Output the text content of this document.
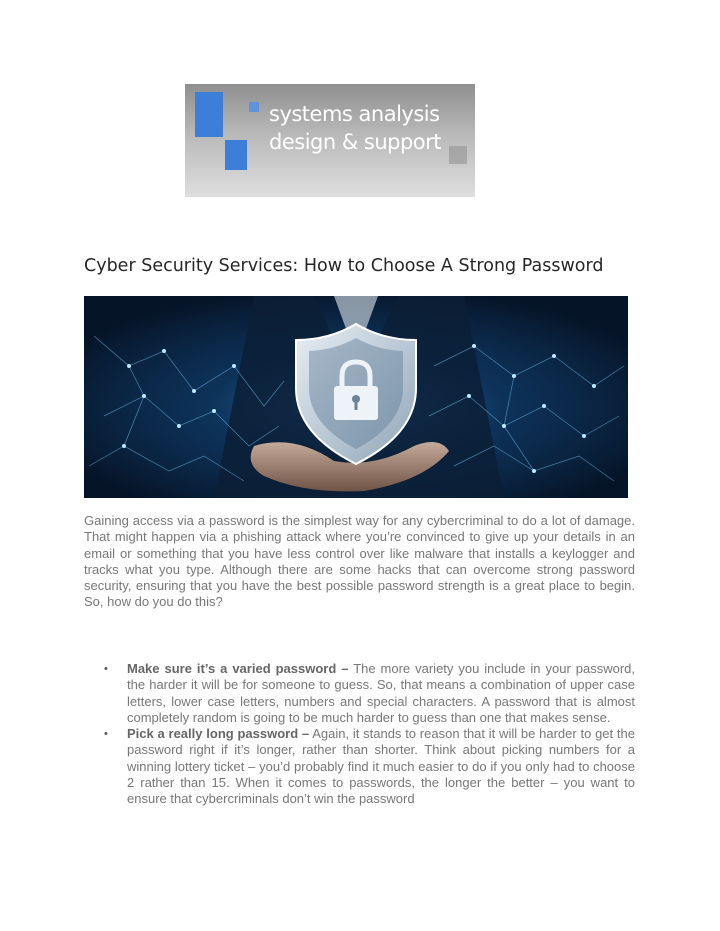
systems analysis
design & support
Cyber Security Services: How to Choose A Strong Password

Gaining access via a password is the simplest way for any cybercriminal to do a lot of damage. That might happen via a phishing attack where you’re convinced to give up your details in an email or something that you have less control over like malware that installs a keylogger and tracks what you type. Although there are some hacks that can overcome strong password security, ensuring that you have the best possible password strength is a great place to begin. So, how do you do this?

• Make sure it’s a varied password – The more variety you include in your password, the harder it will be for someone to guess. So, that means a combination of upper case letters, lower case letters, numbers and special characters. A password that is almost completely random is going to be much harder to guess than one that makes sense.
• Pick a really long password – Again, it stands to reason that it will be harder to get the password right if it’s longer, rather than shorter. Think about picking numbers for a winning lottery ticket – you’d probably find it much easier to do if you only had to choose 2 rather than 15. When it comes to passwords, the longer the better – you want to ensure that cybercriminals don’t win the password
